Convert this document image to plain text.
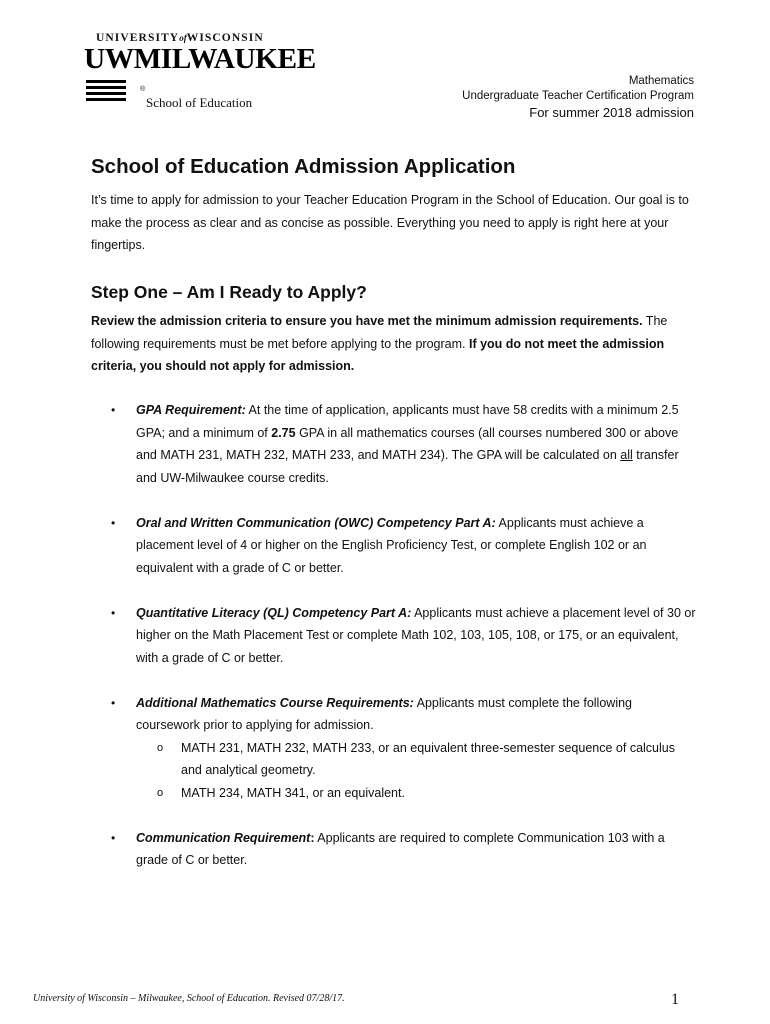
UNIVERSITYofWISCONSIN
UWMILWAUKEE
®
School of Education
Mathematics
Undergraduate Teacher Certification Program
For summer 2018 admission
School of Education Admission Application

It’s time to apply for admission to your Teacher Education Program in the School of Education. Our goal is to make the process as clear and as concise as possible. Everything you need to apply is right here at your fingertips.

Step One – Am I Ready to Apply?

Review the admission criteria to ensure you have met the minimum admission requirements. The following requirements must be met before applying to the program. If you do not meet the admission criteria, you should not apply for admission.

• GPA Requirement: At the time of application, applicants must have 58 credits with a minimum 2.5 GPA; and a minimum of 2.75 GPA in all mathematics courses (all courses numbered 300 or above and MATH 231, MATH 232, MATH 233, and MATH 234). The GPA will be calculated on all transfer and UW-Milwaukee course credits.
• Oral and Written Communication (OWC) Competency Part A: Applicants must achieve a placement level of 4 or higher on the English Proficiency Test, or complete English 102 or an equivalent with a grade of C or better.
• Quantitative Literacy (QL) Competency Part A: Applicants must achieve a placement level of 30 or higher on the Math Placement Test or complete Math 102, 103, 105, 108, or 175, or an equivalent, with a grade of C or better.
• Additional Mathematics Course Requirements: Applicants must complete the following coursework prior to applying for admission.
o MATH 231, MATH 232, MATH 233, or an equivalent three-semester sequence of calculus and analytical geometry.
o MATH 234, MATH 341, or an equivalent.
• Communication Requirement: Applicants are required to complete Communication 103 with a grade of C or better.
University of Wisconsin – Milwaukee, School of Education. Revised 07/28/17.	1
